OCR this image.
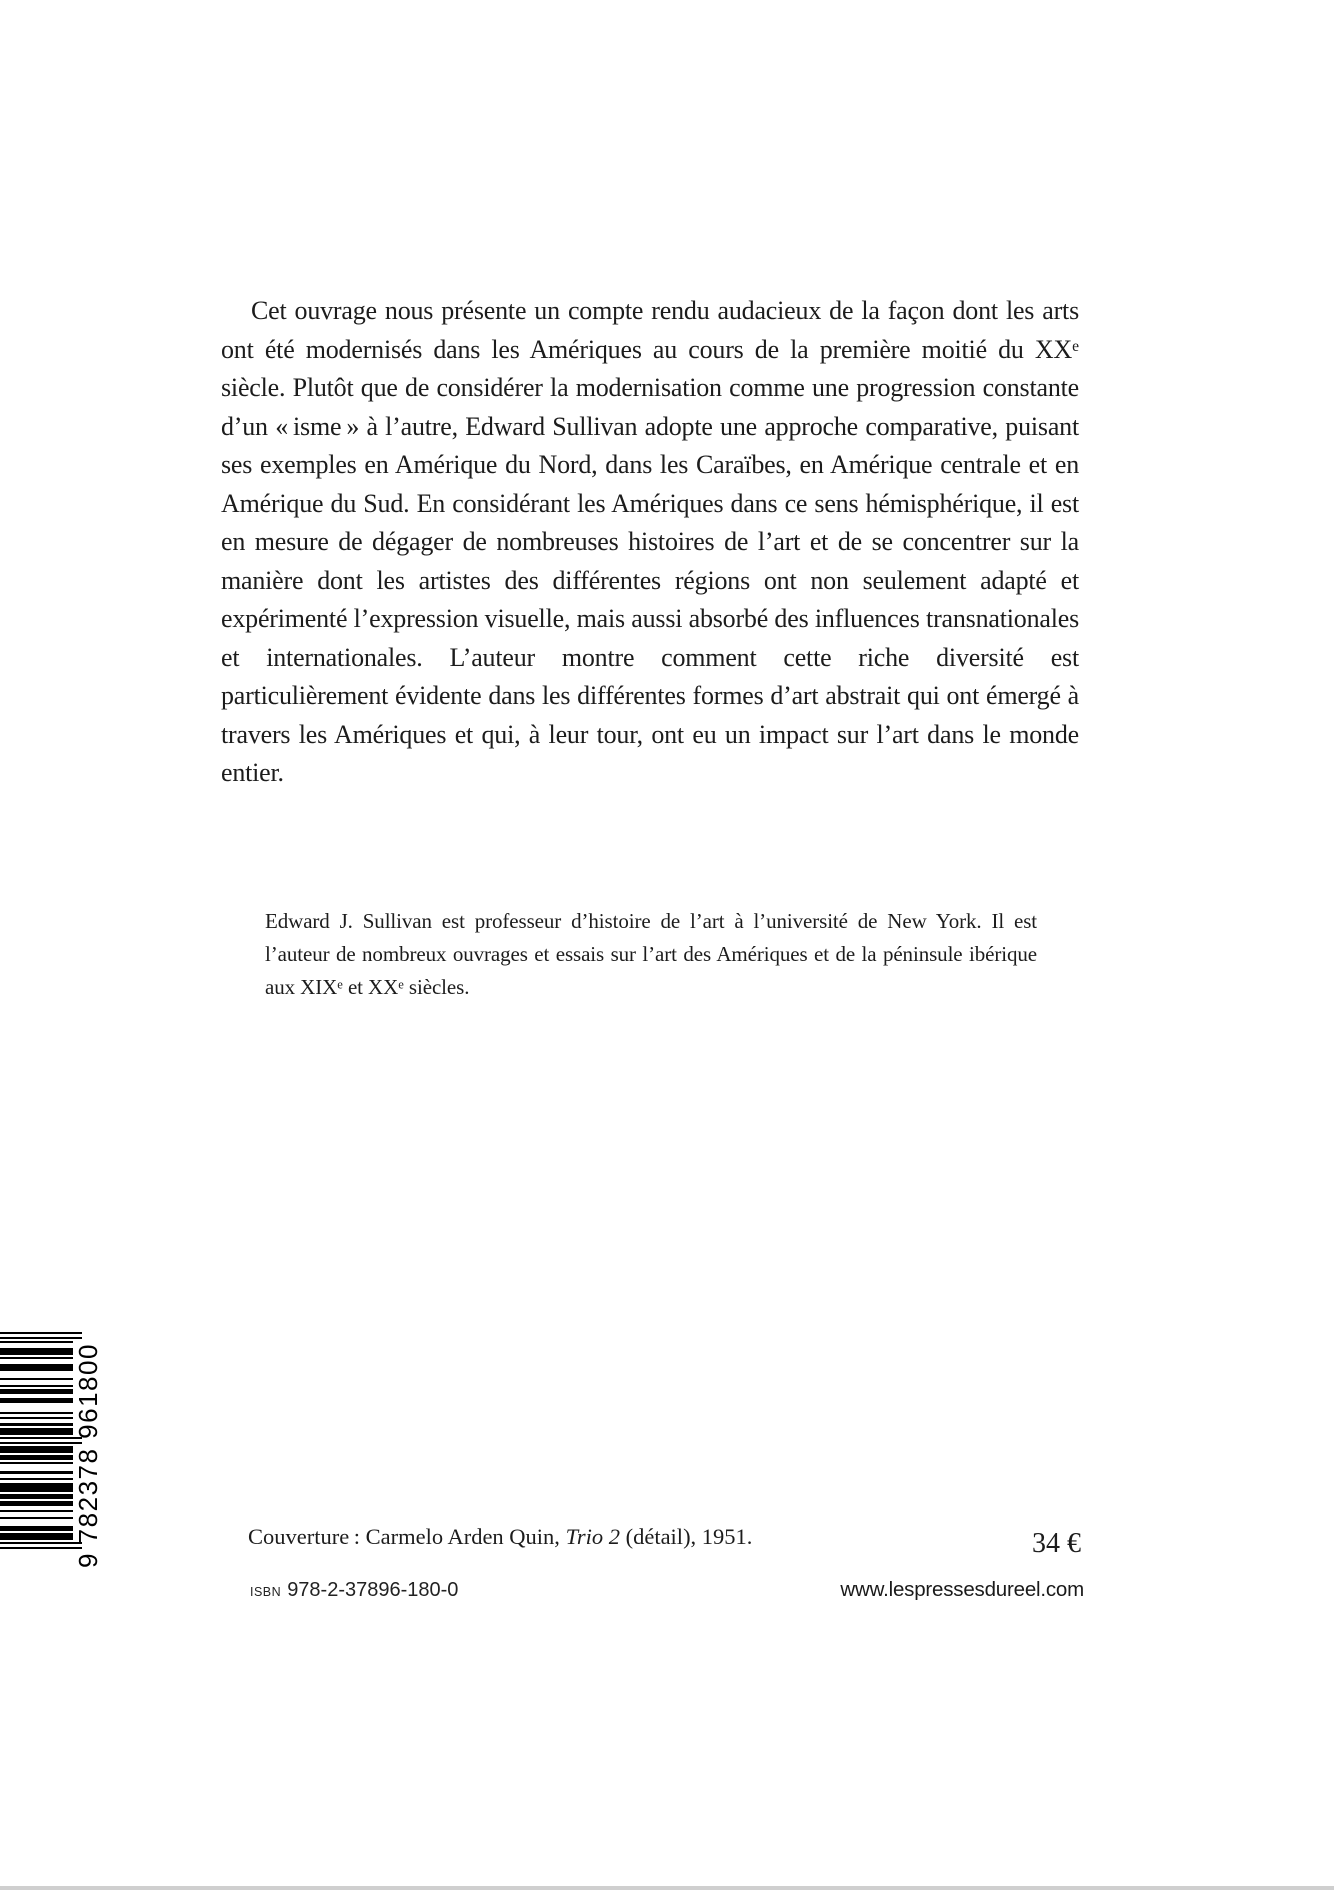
Cet ouvrage nous présente un compte rendu audacieux de la façon dont les arts ont été modernisés dans les Amériques au cours de la première moitié du XXe siècle. Plutôt que de considérer la modernisation comme une progression constante d’un « isme » à l’autre, Edward Sullivan adopte une approche comparative, puisant ses exemples en Amérique du Nord, dans les Caraïbes, en Amérique centrale et en Amérique du Sud. En considérant les Amériques dans ce sens hémisphérique, il est en mesure de dégager de nombreuses histoires de l’art et de se concentrer sur la manière dont les artistes des différentes régions ont non seulement adapté et expérimenté l’expression visuelle, mais aussi absorbé des influences transnationales et internationales. L’auteur montre comment cette riche diversité est particulièrement évidente dans les différentes formes d’art abstrait qui ont émergé à travers les Amériques et qui, à leur tour, ont eu un impact sur l’art dans le monde entier.

Edward J. Sullivan est professeur d’histoire de l’art à l’université de New York. Il est l’auteur de nombreux ouvrages et essais sur l’art des Amériques et de la péninsule ibérique aux XIXe et XXe siècles.

9 782378 961800	Couverture : Carmelo Arden Quin, Trio 2 (détail), 1951.

ISBN 978-2-37896-180-0

34 €

www.lespressesdureel.com
